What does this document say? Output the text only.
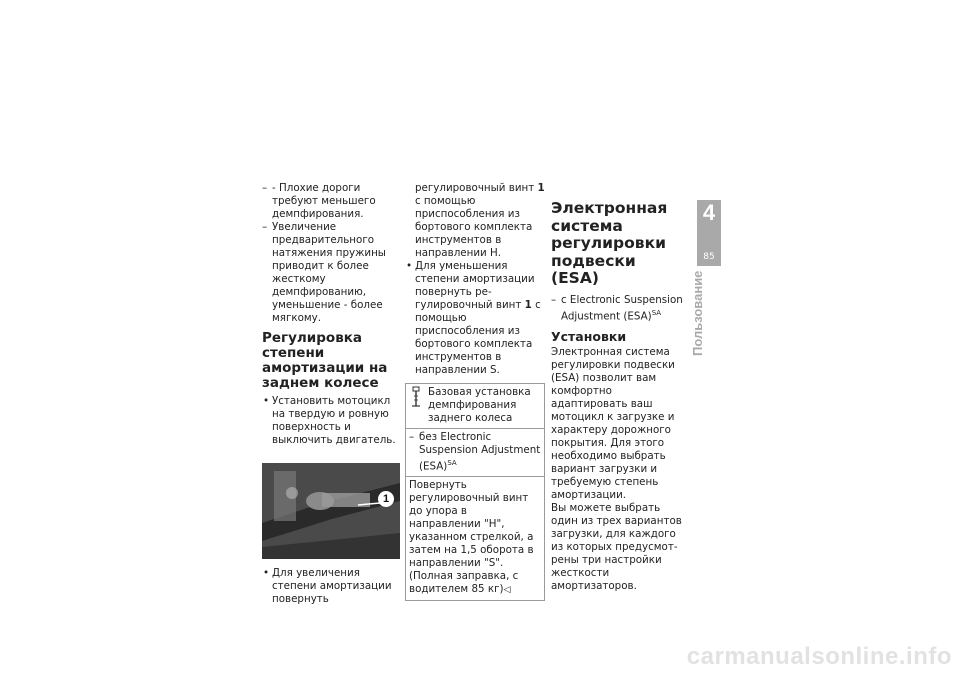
– - Плохие дороги требуют меньшего демпфирования.

– Увеличение предварительного натяжения пружины приводит к более жесткому демпфированию, уменьшение - более мягкому.

Регулировка степени амортизации на заднем колесе

• Установить мотоцикл на твердую и ровную поверхность и выключить двигатель.

1

• Для увеличения степени амортизации повернуть

регулировочный винт 1 с помощью приспособления из бортового комплекта инструментов в направлении Н.

• Для уменьшения степени амортизации повернуть регулировочный винт 1 с помощью приспособления из бортового комплекта инструментов в направлении S.

Базовая установка демпфирования заднего колеса

– без Electronic Suspension Adjustment (ESA)$^{SA}$

Повернуть регулировочный винт до упора в направлении "Н", указанном стрелкой, а затем на 1,5 оборота в направлении "S". (Полная заправка, с водителем 85 кг)◁
Электронная система регулировки подвески (ESA)

– с Electronic Suspension Adjustment (ESA)$^{SA}$

Установки

Электронная система регулировки подвески (ESA) позволит вам комфортно адаптировать ваш мотоцикл к загрузке и характеру дорожного покрытия. Для этого необходимо выбрать вариант загрузки и требуемую степень амортизации.

Вы можете выбрать один из трех вариантов загрузки, для каждого из которых предусмотрены три настройки жесткости амортизаторов.

4
85
Пользование
carmanualsonline.info
